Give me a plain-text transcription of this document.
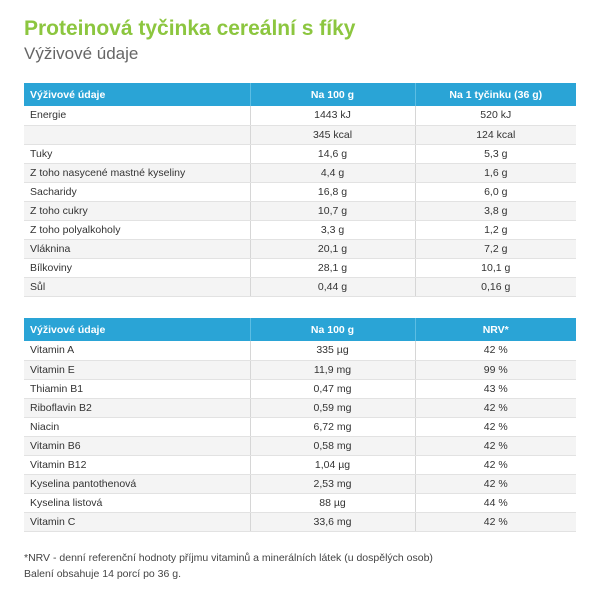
Proteinová tyčinka cereální s fíky
Výživové údaje
Výživové údaje	Na 100 g	Na 1 tyčinku (36 g)
Energie	1443 kJ	520 kJ
	345 kcal	124 kcal
Tuky	14,6 g	5,3 g
Z toho nasycené mastné kyseliny	4,4 g	1,6 g
Sacharidy	16,8 g	6,0 g
Z toho cukry	10,7 g	3,8 g
Z toho polyalkoholy	3,3 g	1,2 g
Vláknina	20,1 g	7,2 g
Bílkoviny	28,1 g	10,1 g
Sůl	0,44 g	0,16 g
Výživové údaje	Na 100 g	NRV*
Vitamin A	335 µg	42 %
Vitamin E	11,9 mg	99 %
Thiamin B1	0,47 mg	43 %
Riboflavin B2	0,59 mg	42 %
Niacin	6,72 mg	42 %
Vitamin B6	0,58 mg	42 %
Vitamin B12	1,04 µg	42 %
Kyselina pantothenová	2,53 mg	42 %
Kyselina listová	88 µg	44 %
Vitamin C	33,6 mg	42 %
*NRV - denní referenční hodnoty příjmu vitaminů a minerálních látek (u dospělých osob)
Balení obsahuje 14 porcí po 36 g.
